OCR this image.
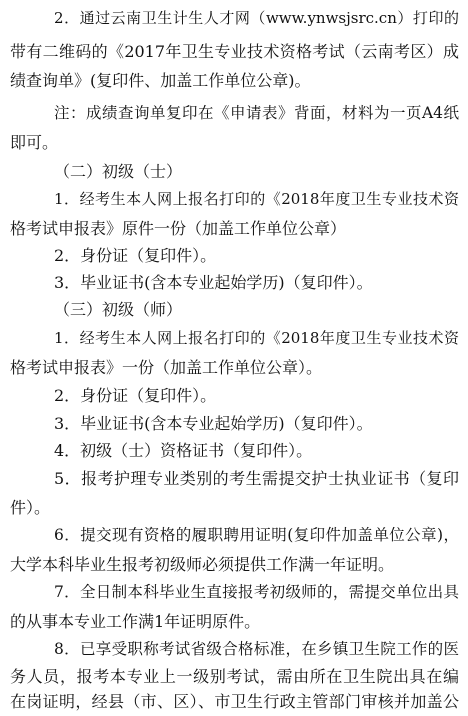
2．通过云南卫生计生人才网（www.ynwsjsrc.cn）打印的
带有二维码的《2017年卫生专业技术资格考试（云南考区）成
绩查询单》(复印件、加盖工作单位公章)。
注：成绩查询单复印在《申请表》背面，材料为一页A4纸
即可。
（二）初级（士）
1．经考生本人网上报名打印的《2018年度卫生专业技术资
格考试申报表》原件一份（加盖工作单位公章）
2．身份证（复印件）。
3．毕业证书(含本专业起始学历)（复印件）。
（三）初级（师）
1．经考生本人网上报名打印的《2018年度卫生专业技术资
格考试申报表》一份（加盖工作单位公章）。
2．身份证（复印件）。
3．毕业证书(含本专业起始学历)（复印件）。
4．初级（士）资格证书（复印件）。
5．报考护理专业类别的考生需提交护士执业证书（复印
件）。
6．提交现有资格的履职聘用证明(复印件加盖单位公章)，
大学本科毕业生报考初级师必须提供工作满一年证明。
7．全日制本科毕业生直接报考初级师的，需提交单位出具
的从事本专业工作满1年证明原件。
8．已享受职称考试省级合格标准，在乡镇卫生院工作的医
务人员，报考本专业上一级别考试，需由所在卫生院出具在编
在岗证明，经县（市、区）、市卫生行政主管部门审核并加盖公
